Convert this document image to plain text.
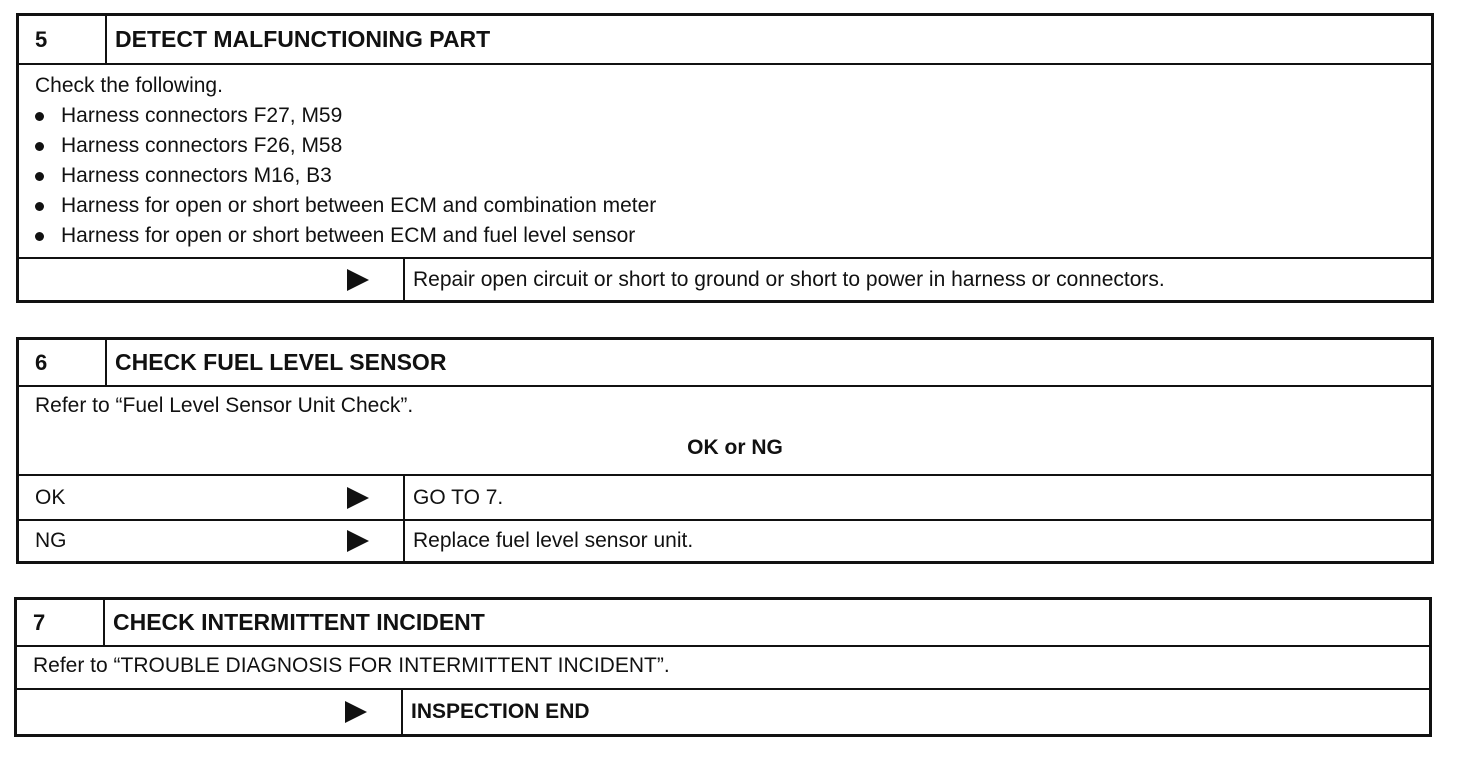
5	DETECT MALFUNCTIONING PART
Check the following.
Harness connectors F27, M59
Harness connectors F26, M58
Harness connectors M16, B3
Harness for open or short between ECM and combination meter
Harness for open or short between ECM and fuel level sensor
Repair open circuit or short to ground or short to power in harness or connectors.
6	CHECK FUEL LEVEL SENSOR
Refer to “Fuel Level Sensor Unit Check”.
OK or NG
OK	GO TO 7.
NG	Replace fuel level sensor unit.
7	CHECK INTERMITTENT INCIDENT
Refer to “TROUBLE DIAGNOSIS FOR INTERMITTENT INCIDENT”.
INSPECTION END
